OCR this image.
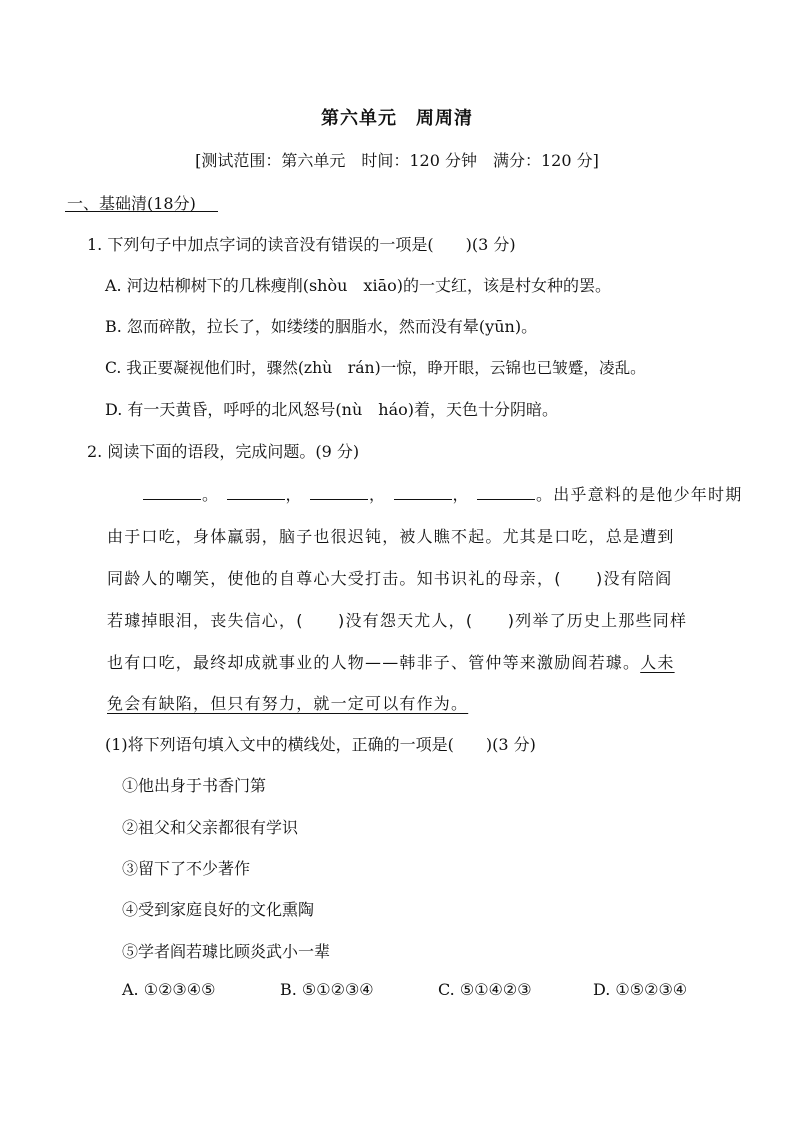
第六单元　周周清
[测试范围：第六单元　时间：120 分钟　满分：120 分]
一、基础清(18分)
1. 下列句子中加点字词的读音没有错误的一项是(　　)(3 分)
A. 河边枯柳树下的几株瘦削(shòu　xiāo)的一丈红，该是村女种的罢。
B. 忽而碎散，拉长了，如缕缕的胭脂水，然而没有晕(yūn)。
C. 我正要凝视他们时，骤然(zhù　rán)一惊，睁开眼，云锦也已皱蹙，凌乱。
D. 有一天黄昏，呼呼的北风怒号(nù　háo)着，天色十分阴暗。
2. 阅读下面的语段，完成问题。(9 分)
。	，	，	，	。出乎意料的是他少年时期
由于口吃，身体羸弱，脑子也很迟钝，被人瞧不起。尤其是口吃，总是遭到
同龄人的嘲笑，使他的自尊心大受打击。知书识礼的母亲，(　　)没有陪阎
若璩掉眼泪，丧失信心，(　　)没有怨天尤人，(　　)列举了历史上那些同样
也有口吃，最终却成就事业的人物——韩非子、管仲等来激励阎若璩。人未
免会有缺陷，但只有努力，就一定可以有作为。
(1)将下列语句填入文中的横线处，正确的一项是(　　)(3 分)
①他出身于书香门第
②祖父和父亲都很有学识
③留下了不少著作
④受到家庭良好的文化熏陶
⑤学者阎若璩比顾炎武小一辈
A. ①②③④⑤	B. ⑤①②③④	C. ⑤①④②③	D. ①⑤②③④
